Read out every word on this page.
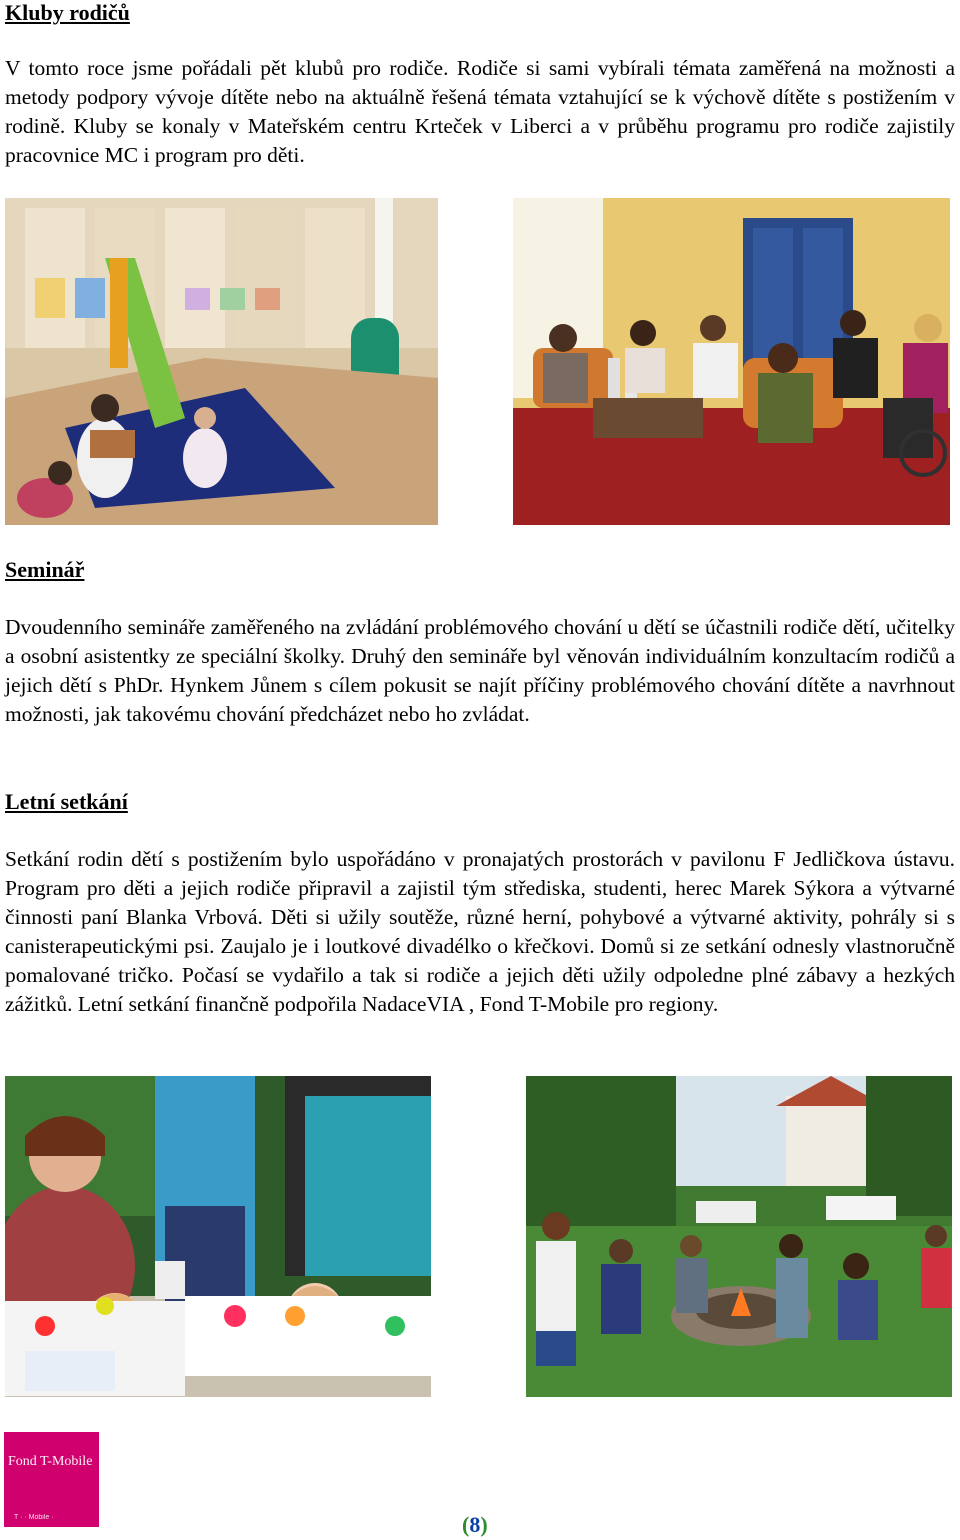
Kluby rodičů

V tomto roce jsme pořádali pět klubů pro rodiče. Rodiče si sami vybírali témata zaměřená na možnosti a metody podpory vývoje dítěte nebo na aktuálně řešená témata vztahující se k výchově dítěte s postižením v rodině. Kluby se konaly v Mateřském centru Krteček v Liberci a v průběhu programu pro rodiče zajistily pracovnice MC i program pro děti.

Seminář

Dvoudenního semináře zaměřeného na zvládání problémového chování u dětí se účastnili rodiče dětí, učitelky a osobní asistentky ze speciální školky. Druhý den semináře byl věnován individuálním konzultacím rodičů a jejich dětí s PhDr. Hynkem Jůnem s cílem pokusit se najít příčiny problémového chování dítěte a navrhnout možnosti, jak takovému chování předcházet nebo ho zvládat.

Letní setkání

Setkání rodin dětí s postižením bylo uspořádáno v pronajatých prostorách v pavilonu F Jedličkova ústavu. Program pro děti a jejich rodiče připravil a zajistil tým střediska, studenti, herec Marek Sýkora a výtvarné činnosti paní Blanka Vrbová. Děti si užily soutěže, různé herní, pohybové a výtvarné aktivity, pohrály si s canisterapeutickými psi. Zaujalo je i loutkové divadélko o křečkovi. Domů si ze setkání odnesly vlastnoručně pomalované tričko. Počasí se vydařilo a tak si rodiče a jejich děti užily odpoledne plné zábavy a hezkých zážitků. Letní setkání finančně podpořila NadaceVIA , Fond T-Mobile pro regiony.

Fond T-Mobile
T · · Mobile ·	(8)
